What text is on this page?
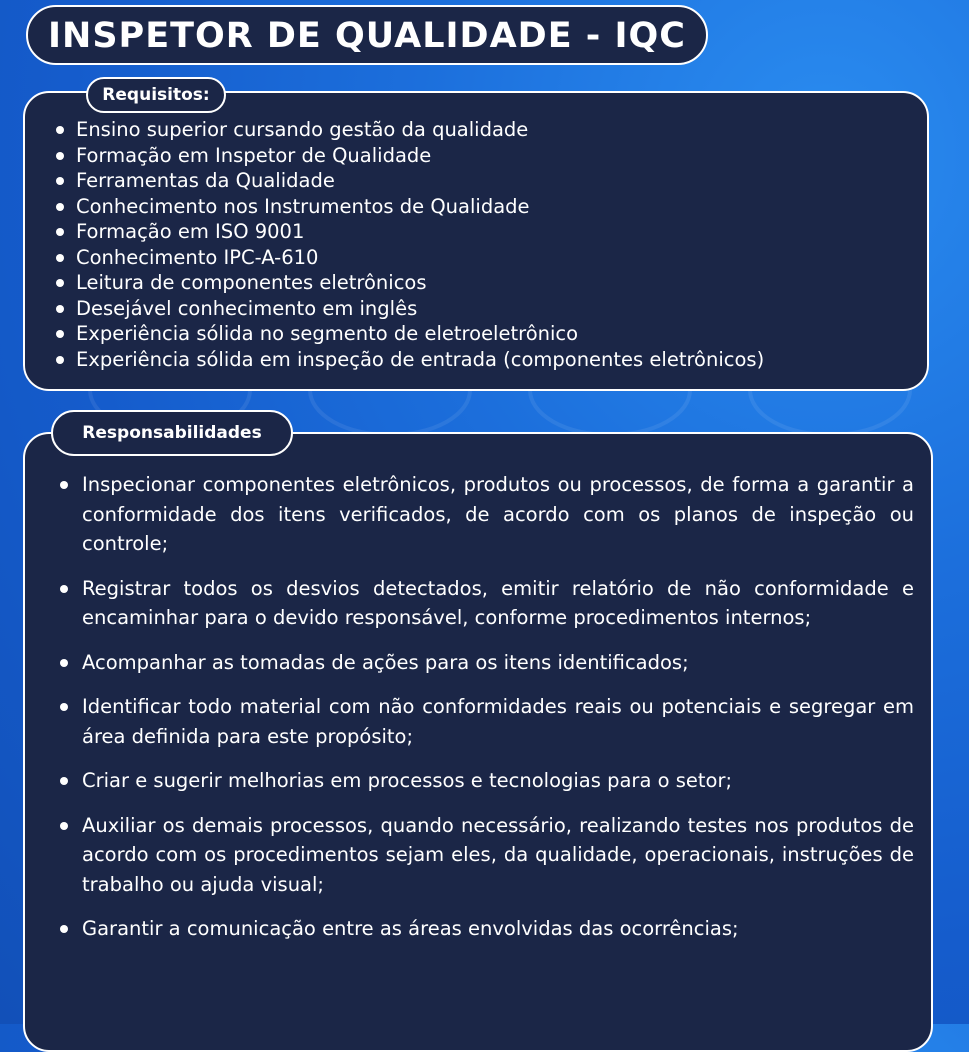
INSPETOR DE QUALIDADE - IQC
Requisitos:
Ensino superior cursando gestão da qualidade
Formação em Inspetor de Qualidade
Ferramentas da Qualidade
Conhecimento nos Instrumentos de Qualidade
Formação em ISO 9001
Conhecimento IPC-A-610
Leitura de componentes eletrônicos
Desejável conhecimento em inglês
Experiência sólida no segmento de eletroeletrônico
Experiência sólida em inspeção de entrada (componentes eletrônicos)
Responsabilidades
Inspecionar componentes eletrônicos, produtos ou processos, de forma a garantir a conformidade dos itens verificados, de acordo com os planos de inspeção ou controle;
Registrar todos os desvios detectados, emitir relatório de não conformidade e encaminhar para o devido responsável, conforme procedimentos internos;
Acompanhar as tomadas de ações para os itens identificados;
Identificar todo material com não conformidades reais ou potenciais e segregar em área definida para este propósito;
Criar e sugerir melhorias em processos e tecnologias para o setor;
Auxiliar os demais processos, quando necessário, realizando testes nos produtos de acordo com os procedimentos sejam eles, da qualidade, operacionais, instruções de trabalho ou ajuda visual;
Garantir a comunicação entre as áreas envolvidas das ocorrências;
